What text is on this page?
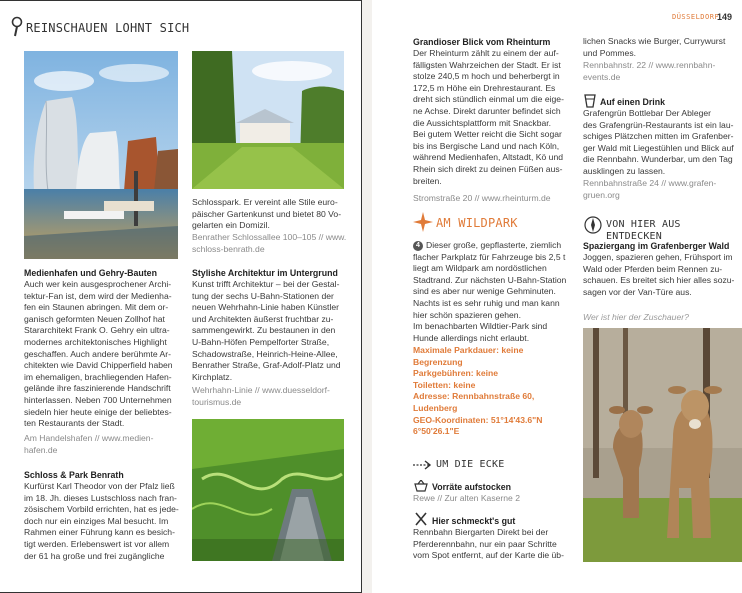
REINSCHAUEN LOHNT SICH
Medienhafen und Gehry-Bauten
Auch wer kein ausgesprochener Archi-
tektur-Fan ist, dem wird der Medienha-
fen ein Staunen abringen. Mit dem or-
ganisch geformten Neuen Zollhof hat
Stararchitekt Frank O. Gehry ein ultra-
modernes architektonisches Highlight
geschaffen. Auch andere berühmte Ar-
chitekten wie David Chipperfield haben
im ehemaligen, brachliegenden Hafen-
gelände ihre faszinierende Handschrift
hinterlassen. Neben 700 Unternehmen
siedeln hier heute einige der beliebtes-
ten Restaurants der Stadt.
Am Handelshafen // www.medien-
hafen.de
Schloss & Park Benrath
Kurfürst Karl Theodor von der Pfalz ließ
im 18. Jh. dieses Lustschloss nach fran-
zösischem Vorbild errichten, hat es jede-
doch nur ein einziges Mal besucht. Im
Rahmen einer Führung kann es besich-
tigt werden. Erlebenswert ist vor allem
der 61 ha große und frei zugängliche
Schlosspark. Er vereint alle Stile euro-
päischer Gartenkunst und bietet 80 Vo-
gelarten ein Domizil.
Benrather Schlossallee 100–105 // www.
schloss-benrath.de
Stylishe Architektur im Untergrund
Kunst trifft Architektur – bei der Gestal-
tung der sechs U-Bahn-Stationen der
neuen Wehrhahn-Linie haben Künstler
und Architekten äußerst fruchtbar zu-
sammengewirkt. Zu bestaunen in den
U-Bahn-Höfen Pempelforter Straße,
Schadowstraße, Heinrich-Heine-Allee,
Benrather Straße, Graf-Adolf-Platz und
Kirchplatz.
Wehrhahn-Linie // www.duesseldorf-
tourismus.de
DÜSSELDORF
149
Grandioser Blick vom Rheinturm
Der Rheinturm zählt zu einem der auf-
fälligsten Wahrzeichen der Stadt. Er ist
stolze 240,5 m hoch und beherbergt in
172,5 m Höhe ein Drehrestaurant. Es
dreht sich stündlich einmal um die eige-
ne Achse. Direkt darunter befindet sich
die Aussichtsplattform mit Snackbar.
Bei gutem Wetter reicht die Sicht sogar
bis ins Bergische Land und nach Köln,
während Medienhafen, Altstadt, Kö und
Rhein sich direkt zu deinen Füßen aus-
breiten.
Stromstraße 20 // www.rheinturm.de
AM WILDPARK
4 Dieser große, gepflasterte, ziemlich
flacher Parkplatz für Fahrzeuge bis 2,5 t
liegt am Wildpark am nordöstlichen
Stadtrand. Zur nächsten U-Bahn-Station
sind es aber nur wenige Gehminuten.
Nachts ist es sehr ruhig und man kann
hier schön spazieren gehen.
Im benachbarten Wildtier-Park sind
Hunde allerdings nicht erlaubt.
Maximale Parkdauer: keine
Begrenzung
Parkgebühren: keine
Toiletten: keine
Adresse: Rennbahnstraße 60,
Ludenberg
GEO-Koordinaten: 51°14'43.6"N
6°50'26.1"E
UM DIE ECKE
Vorräte aufstocken
Rewe // Zur alten Kaserne 2
Hier schmeckt's gut
Rennbahn Biergarten Direkt bei der
Pferderennbahn, nur ein paar Schritte
vom Spot entfernt, auf der Karte die üb-
lichen Snacks wie Burger, Currywurst
und Pommes.
Rennbahnstr. 22 // www.rennbahn-
events.de
Auf einen Drink
Grafengrün Bottlebar Der Ableger
des Grafengrün-Restaurants ist ein lau-
schiges Plätzchen mitten im Grafenber-
ger Wald mit Liegestühlen und Blick auf
die Rennbahn. Wunderbar, um den Tag
ausklingen zu lassen.
Rennbahnstraße 24 // www.grafen-
gruen.org
VON HIER AUS ENTDECKEN
Spaziergang im Grafenberger Wald
Joggen, spazieren gehen, Frühsport im
Wald oder Pferden beim Rennen zu-
schauen. Es breitet sich hier alles sozu-
sagen vor der Van-Türe aus.
Wer ist hier der Zuschauer?
